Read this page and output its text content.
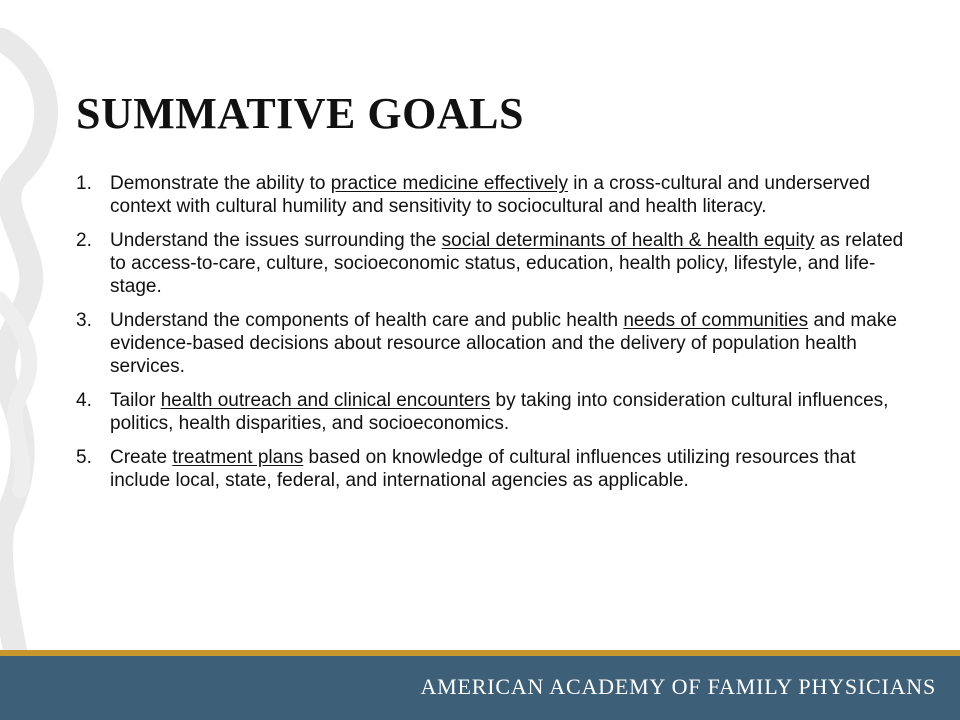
SUMMATIVE GOALS
1. Demonstrate the ability to practice medicine effectively in a cross-cultural and underserved context with cultural humility and sensitivity to sociocultural and health literacy.
2. Understand the issues surrounding the social determinants of health & health equity as related to access-to-care, culture, socioeconomic status, education, health policy, lifestyle, and life-stage.
3. Understand the components of health care and public health needs of communities and make evidence-based decisions about resource allocation and the delivery of population health services.
4. Tailor health outreach and clinical encounters by taking into consideration cultural influences, politics, health disparities, and socioeconomics.
5. Create treatment plans based on knowledge of cultural influences utilizing resources that include local, state, federal, and international agencies as applicable.
AMERICAN ACADEMY OF FAMILY PHYSICIANS
